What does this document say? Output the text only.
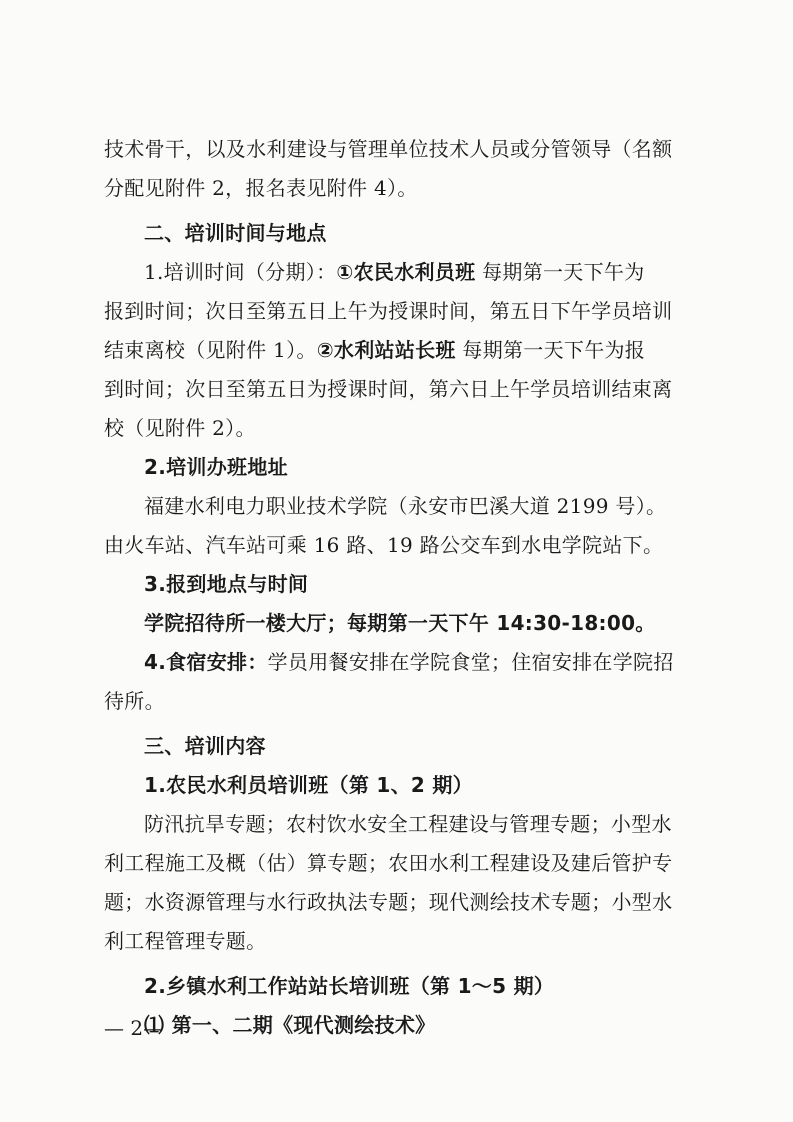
技术骨干，以及水利建设与管理单位技术人员或分管领导（名额

分配见附件 2，报名表见附件 4）。

二、培训时间与地点

1.培训时间（分期）：①农民水利员班 每期第一天下午为

报到时间；次日至第五日上午为授课时间，第五日下午学员培训

结束离校（见附件 1）。②水利站站长班 每期第一天下午为报

到时间；次日至第五日为授课时间，第六日上午学员培训结束离

校（见附件 2）。

2.培训办班地址

福建水利电力职业技术学院（永安市巴溪大道 2199 号）。

由火车站、汽车站可乘 16 路、19 路公交车到水电学院站下。

3.报到地点与时间

学院招待所一楼大厅；每期第一天下午 14:30-18:00。

4.食宿安排：学员用餐安排在学院食堂；住宿安排在学院招

待所。

三、培训内容

1.农民水利员培训班（第 1、2 期）

防汛抗旱专题；农村饮水安全工程建设与管理专题；小型水

利工程施工及概（估）算专题；农田水利工程建设及建后管护专

题；水资源管理与水行政执法专题；现代测绘技术专题；小型水

利工程管理专题。

2.乡镇水利工作站站长培训班（第 1～5 期）

⑴ 第一、二期《现代测绘技术》

— 2—
